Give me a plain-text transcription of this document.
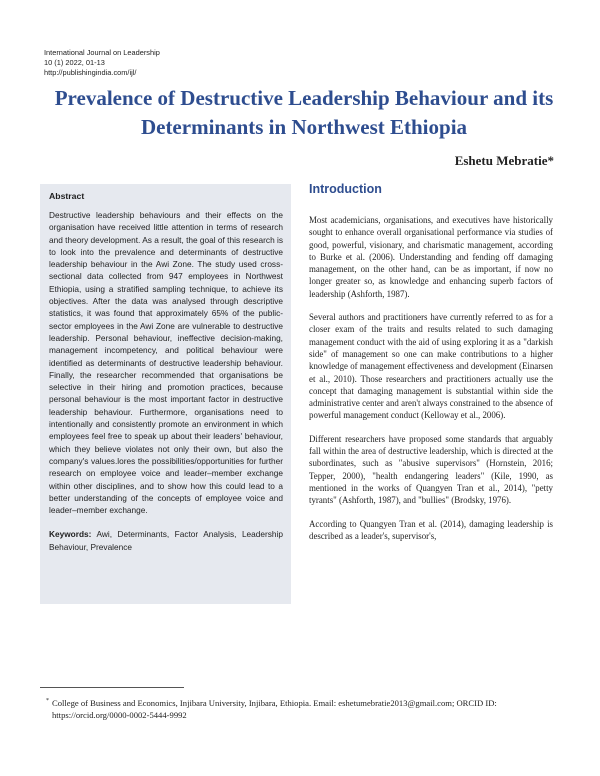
International Journal on Leadership
10 (1) 2022, 01-13
http://publishingindia.com/ijl/
Prevalence of Destructive Leadership Behaviour and its Determinants in Northwest Ethiopia
Eshetu Mebratie*
Abstract

Destructive leadership behaviours and their effects on the organisation have received little attention in terms of research and theory development. As a result, the goal of this research is to look into the prevalence and determinants of destructive leadership behaviour in the Awi Zone. The study used cross-sectional data collected from 947 employees in Northwest Ethiopia, using a stratified sampling technique, to achieve its objectives. After the data was analysed through descriptive statistics, it was found that approximately 65% of the public-sector employees in the Awi Zone are vulnerable to destructive leadership. Personal behaviour, ineffective decision-making, management incompetency, and political behaviour were identified as determinants of destructive leadership behaviour. Finally, the researcher recommended that organisations be selective in their hiring and promotion practices, because personal behaviour is the most important factor in destructive leadership behaviour. Furthermore, organisations need to intentionally and consistently promote an environment in which employees feel free to speak up about their leaders' behaviour, which they believe violates not only their own, but also the company's values.lores the possibilities/opportunities for further research on employee voice and leader–member exchange within other disciplines, and to show how this could lead to a better understanding of the concepts of employee voice and leader–member exchange.

Keywords: Awi, Determinants, Factor Analysis, Leadership Behaviour, Prevalence

Introduction

Most academicians, organisations, and executives have historically sought to enhance overall organisational performance via studies of good, powerful, visionary, and charismatic management, according to Burke et al. (2006). Understanding and fending off damaging management, on the other hand, can be as important, if now no longer greater so, as knowledge and enhancing superb factors of leadership (Ashforth, 1987).

Several authors and practitioners have currently referred to as for a closer exam of the traits and results related to such damaging management conduct with the aid of using exploring it as a "darkish side" of management so one can make contributions to a higher knowledge of management effectiveness and development (Einarsen et al., 2010). Those researchers and practitioners actually use the concept that damaging management is substantial within side the administrative center and aren't always constrained to the absence of powerful management conduct (Kelloway et al., 2006).

Different researchers have proposed some standards that arguably fall within the area of destructive leadership, which is directed at the subordinates, such as "abusive supervisors" (Hornstein, 2016; Tepper, 2000), "health endangering leaders" (Kile, 1990, as mentioned in the works of Quangyen Tran et al., 2014), "petty tyrants" (Ashforth, 1987), and "bullies" (Brodsky, 1976).

According to Quangyen Tran et al. (2014), damaging leadership is described as a leader's, supervisor's,

* College of Business and Economics, Injibara University, Injibara, Ethiopia. Email: eshetumebratie2013@gmail.com; ORCID ID: https://orcid.org/0000-0002-5444-9992
